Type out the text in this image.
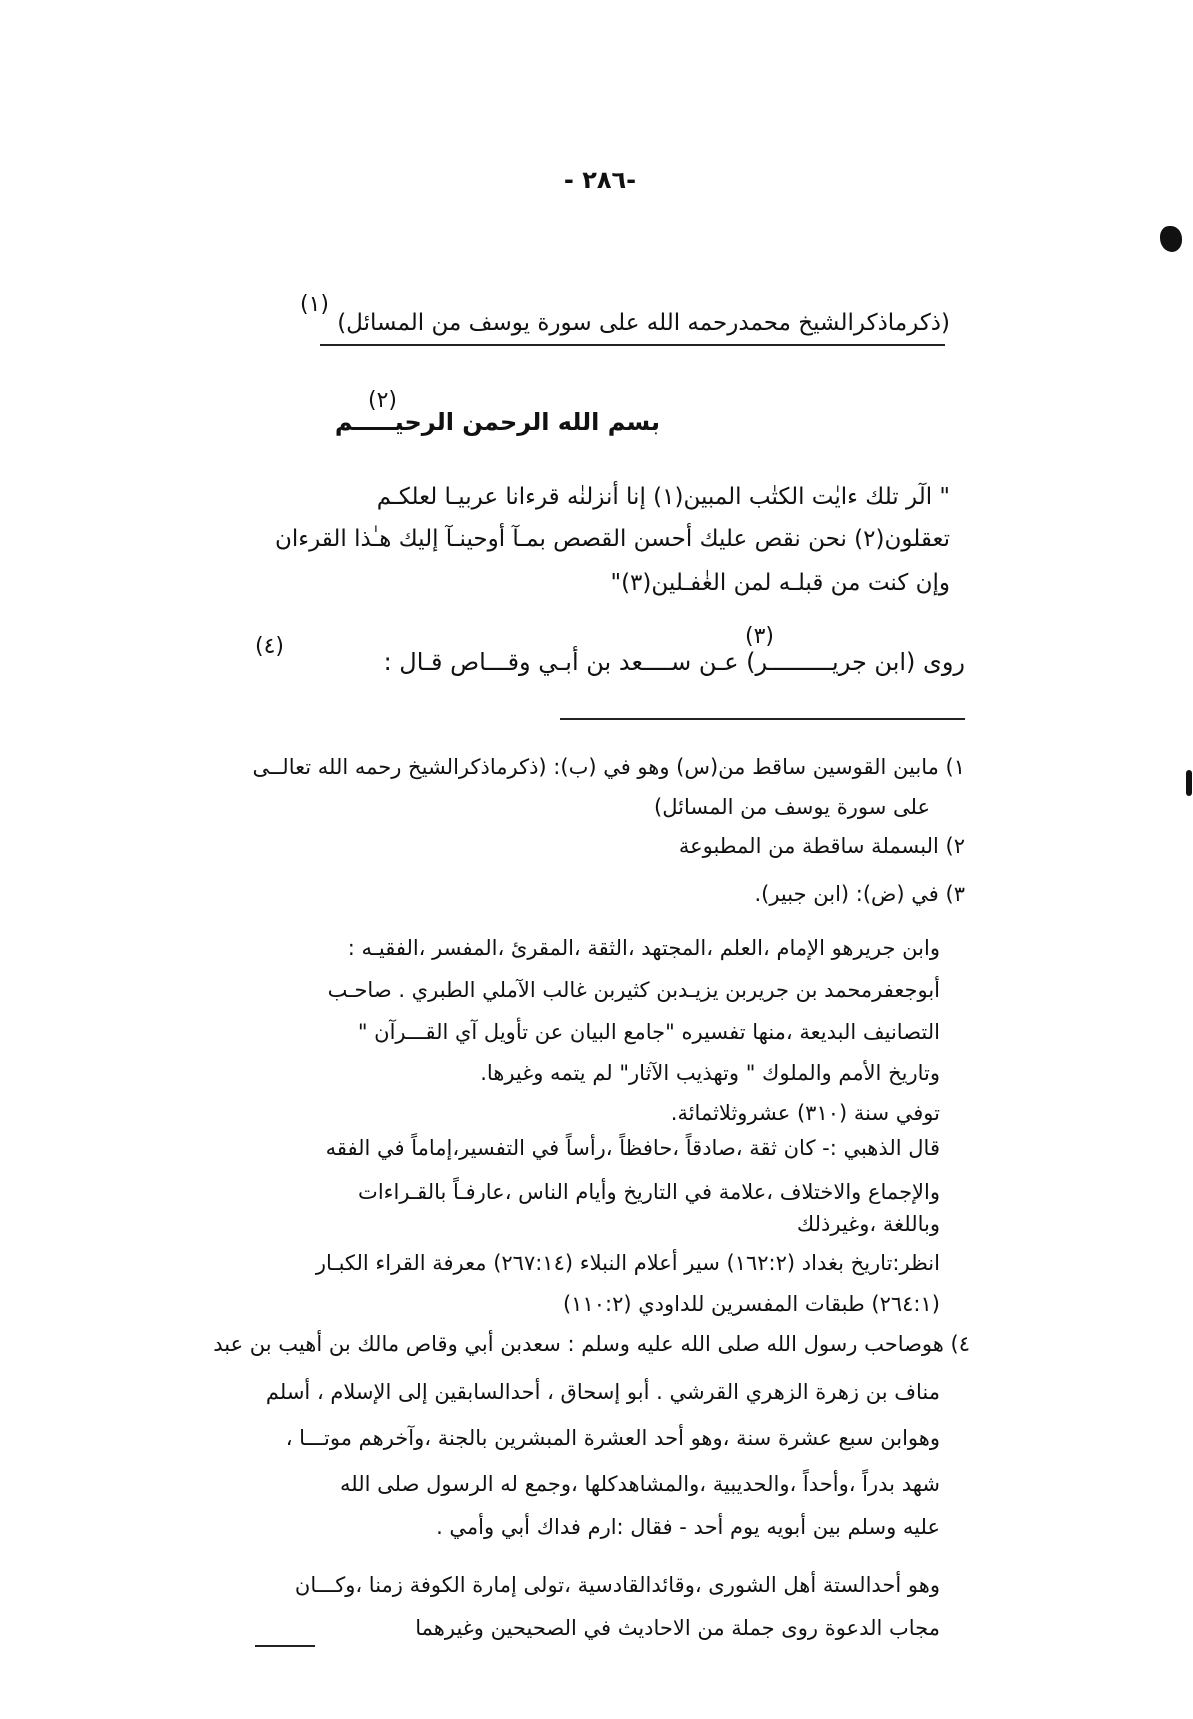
-٢٨٦ -
(١)
(ذكرماذكرالشيخ محمدرحمه الله على سورة يوسف من المسائل)
(٢)
بسم الله الرحمن الرحيـــــم
" الٓر تلك ءايٰت الكتٰب المبين(١) إنا أنزلنٰه قرءانا عربيـا لعلكـم
تعقلون(٢) نحن نقص عليك أحسن القصص بمـآ أوحينـآ إليك هـٰذا القرءان
وإن كنت من قبلـه لمن الغٰفـلين(٣)"
(٣)
(٤)
روى (ابن جريـــــــــر) عـن ســــعد بن أبـي وقـــاص قـال :
١) مابين القوسين ساقط من(س) وهو في (ب): (ذكرماذكرالشيخ رحمه الله تعالــى
على سورة يوسف من المسائل)
٢) البسملة ساقطة من المطبوعة
٣) في (ض): (ابن جبير).
وابن جريرهو الإمام ،العلم ،المجتهد ،الثقة ،المقرئ ،المفسر ،الفقيـه :
أبوجعفرمحمد بن جريربن يزيـدبن كثيربن غالب الآملي الطبري . صاحـب
التصانيف البديعة ،منها تفسيره "جامع البيان عن تأويل آي القـــرآن "
وتاريخ الأمم والملوك " وتهذيب الآثار" لم يتمه وغيرها.
توفي سنة (٣١٠) عشروثلاثمائة.
قال الذهبي :- كان ثقة ،صادقاً ،حافظاً ،رأساً في التفسير،إماماً في الفقه
والإجماع والاختلاف ،علامة في التاريخ وأيام الناس ،عارفـاً بالقـراءات
وباللغة ،وغيرذلك
انظر:تاريخ بغداد (١٦٢:٢) سير أعلام النبلاء (٢٦٧:١٤) معرفة القراء الكبـار
(٢٦٤:١) طبقات المفسرين للداودي (١١٠:٢)
٤) هوصاحب رسول الله صلى الله عليه وسلم : سعدبن أبي وقاص مالك بن أهيب بن عبد
مناف بن زهرة الزهري القرشي . أبو إسحاق ، أحدالسابقين إلى الإسلام ، أسلم
وهوابن سبع عشرة سنة ،وهو أحد العشرة المبشرين بالجنة ،وآخرهم موتـــا ،
شهد بدراً ،وأحداً ،والحديبية ،والمشاهدكلها ،وجمع له الرسول صلى الله
عليه وسلم بين أبويه يوم أحد - فقال :ارم فداك أبي وأمي .
وهو أحدالستة أهل الشورى ،وقائدالقادسية ،تولى إمارة الكوفة زمنا ،وكـــان
مجاب الدعوة روى جملة من الاحاديث في الصحيحين وغيرهما
